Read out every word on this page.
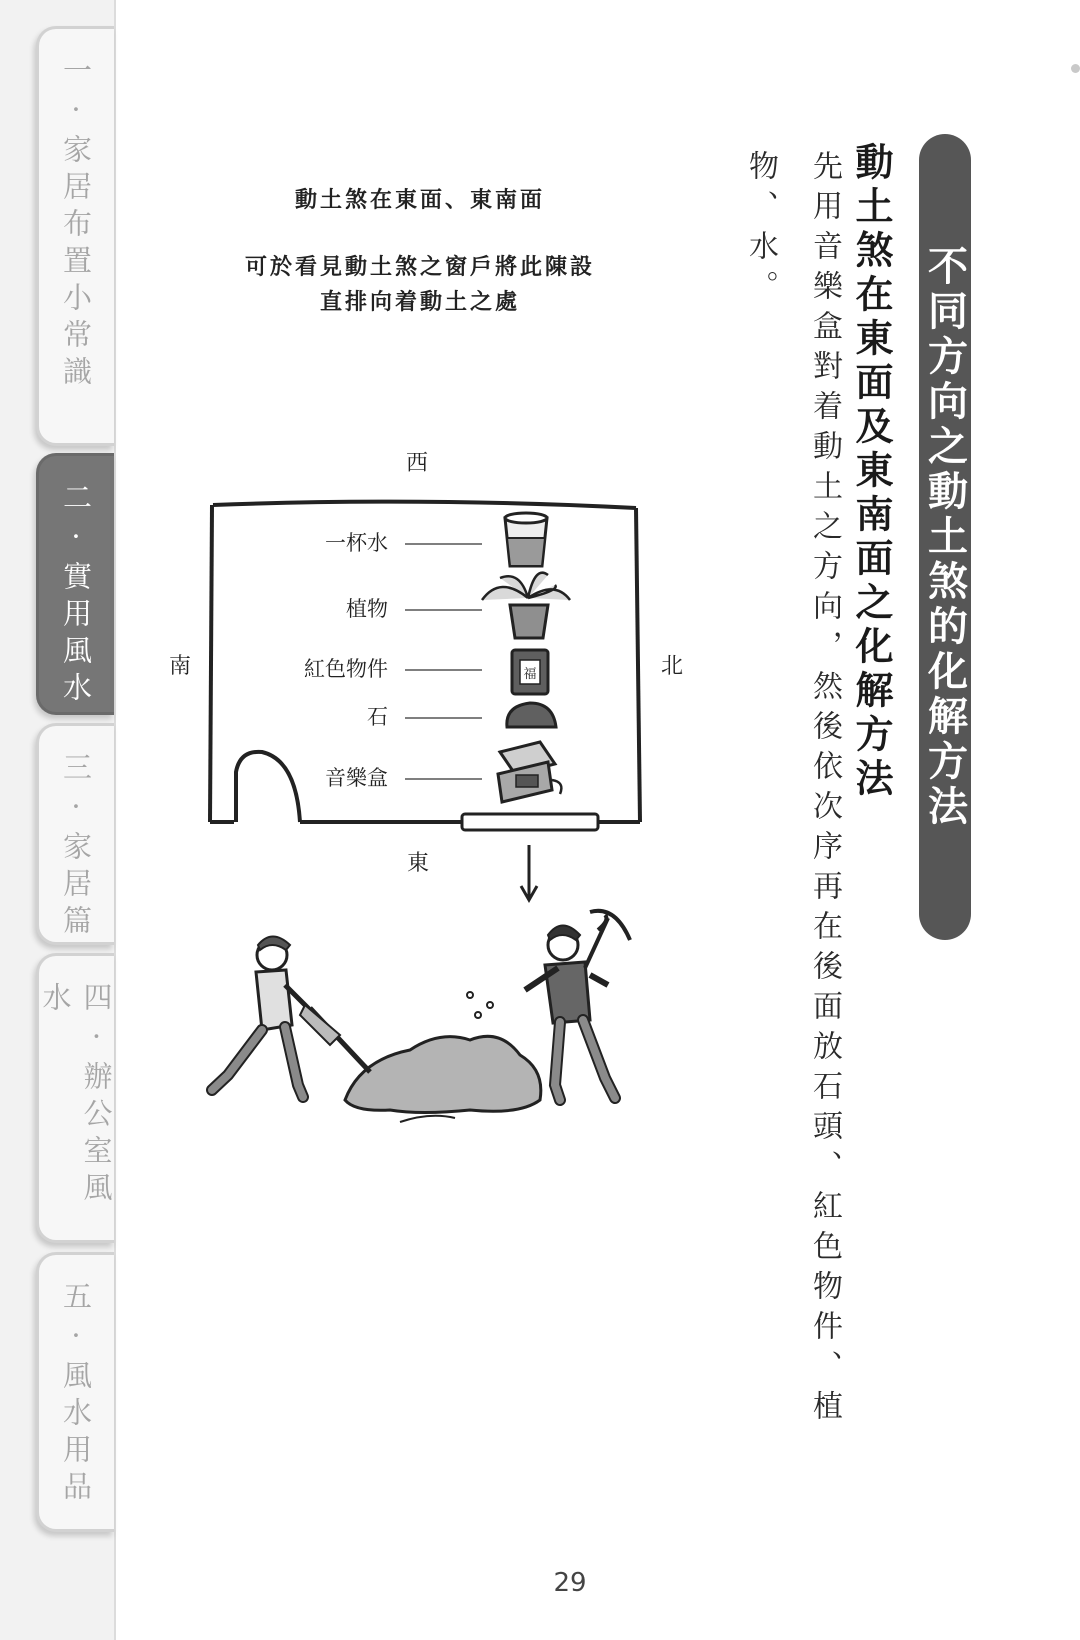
一·家居布置小常識
二·實用風水
三·家居篇
四·辦公室風水
五·風水用品
不同方向之動土煞的化解方法
動土煞在東面及東南面之化解方法
先用音樂盒對着動土之方向，然後依次序再在後面放石頭、紅色物件、植
物、水。
動土煞在東面、東南面
可於看見動土煞之窗戶將此陳設
直排向着動土之處
西
南	北
東
一杯水
植物
紅色物件
石
音樂盒
福
29
